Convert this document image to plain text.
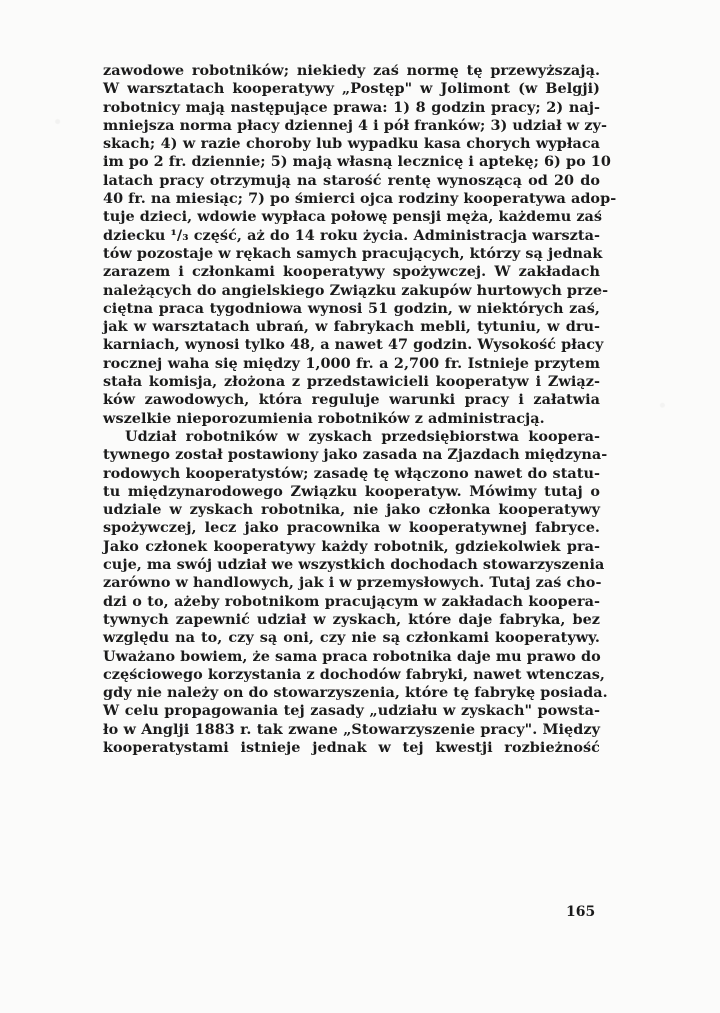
zawodowe robotników; niekiedy zaś normę tę przewyższają.
W warsztatach kooperatywy „Postęp" w Jolimont (w Belgji)
robotnicy mają następujące prawa: 1) 8 godzin pracy; 2) naj-
mniejsza norma płacy dziennej 4 i pół franków; 3) udział w zy-
skach; 4) w razie choroby lub wypadku kasa chorych wypłaca
im po 2 fr. dziennie; 5) mają własną lecznicę i aptekę; 6) po 10
latach pracy otrzymują na starość rentę wynoszącą od 20 do
40 fr. na miesiąc; 7) po śmierci ojca rodziny kooperatywa adop-
tuje dzieci, wdowie wypłaca połowę pensji męża, każdemu zaś
dziecku ¹/₃ część, aż do 14 roku życia. Administracja warszta-
tów pozostaje w rękach samych pracujących, którzy są jednak
zarazem i członkami kooperatywy spożywczej. W zakładach
należących do angielskiego Związku zakupów hurtowych prze-
ciętna praca tygodniowa wynosi 51 godzin, w niektórych zaś,
jak w warsztatach ubrań, w fabrykach mebli, tytuniu, w dru-
karniach, wynosi tylko 48, a nawet 47 godzin. Wysokość płacy
rocznej waha się między 1,000 fr. a 2,700 fr. Istnieje przytem
stała komisja, złożona z przedstawicieli kooperatyw i Związ-
ków zawodowych, która reguluje warunki pracy i załatwia
wszelkie nieporozumienia robotników z administracją.
Udział robotników w zyskach przedsiębiorstwa koopera-
tywnego został postawiony jako zasada na Zjazdach międzyna-
rodowych kooperatystów; zasadę tę włączono nawet do statu-
tu międzynarodowego Związku kooperatyw. Mówimy tutaj o
udziale w zyskach robotnika, nie jako członka kooperatywy
spożywczej, lecz jako pracownika w kooperatywnej fabryce.
Jako członek kooperatywy każdy robotnik, gdziekolwiek pra-
cuje, ma swój udział we wszystkich dochodach stowarzyszenia
zarówno w handlowych, jak i w przemysłowych. Tutaj zaś cho-
dzi o to, ażeby robotnikom pracującym w zakładach koopera-
tywnych zapewnić udział w zyskach, które daje fabryka, bez
względu na to, czy są oni, czy nie są członkami kooperatywy.
Uważano bowiem, że sama praca robotnika daje mu prawo do
częściowego korzystania z dochodów fabryki, nawet wtenczas,
gdy nie należy on do stowarzyszenia, które tę fabrykę posiada.
W celu propagowania tej zasady „udziału w zyskach" powsta-
ło w Anglji 1883 r. tak zwane „Stowarzyszenie pracy". Między
kooperatystami istnieje jednak w tej kwestji rozbieżność
165
